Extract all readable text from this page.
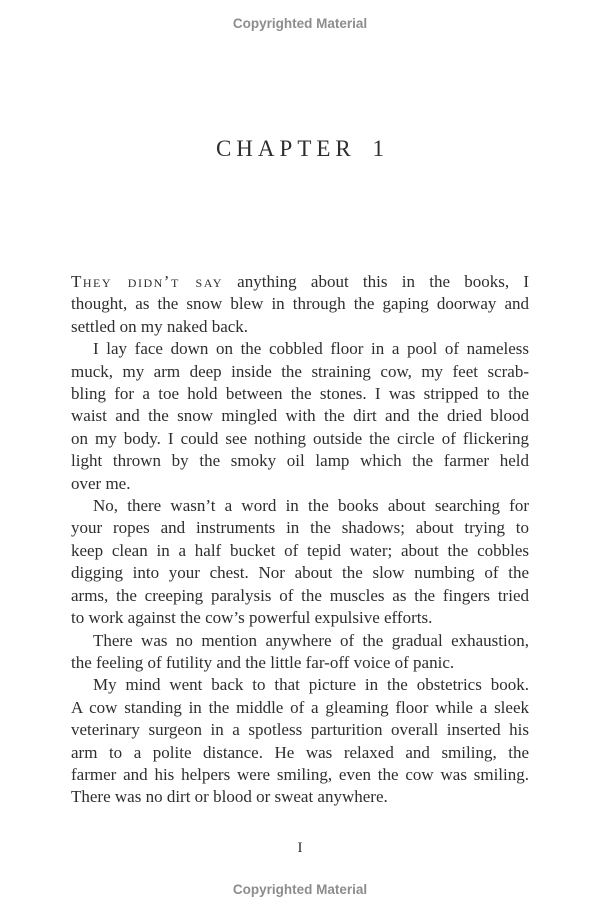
Copyrighted Material
CHAPTER 1
They didn’t say anything about this in the books, I
thought, as the snow blew in through the gaping doorway and
settled on my naked back.
I lay face down on the cobbled floor in a pool of nameless
muck, my arm deep inside the straining cow, my feet scrab-
bling for a toe hold between the stones. I was stripped to the
waist and the snow mingled with the dirt and the dried blood
on my body. I could see nothing outside the circle of flickering
light thrown by the smoky oil lamp which the farmer held
over me.
No, there wasn’t a word in the books about searching for
your ropes and instruments in the shadows; about trying to
keep clean in a half bucket of tepid water; about the cobbles
digging into your chest. Nor about the slow numbing of the
arms, the creeping paralysis of the muscles as the fingers tried
to work against the cow’s powerful expulsive efforts.
There was no mention anywhere of the gradual exhaustion,
the feeling of futility and the little far-off voice of panic.
My mind went back to that picture in the obstetrics book.
A cow standing in the middle of a gleaming floor while a sleek
veterinary surgeon in a spotless parturition overall inserted his
arm to a polite distance. He was relaxed and smiling, the
farmer and his helpers were smiling, even the cow was smiling.
There was no dirt or blood or sweat anywhere.
I
Copyrighted Material
